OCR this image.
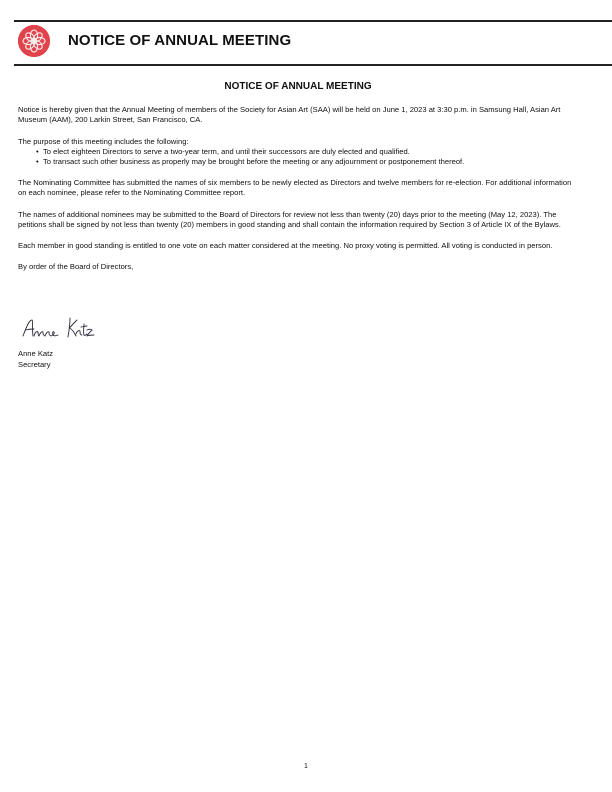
NOTICE OF ANNUAL MEETING
NOTICE OF ANNUAL MEETING

Notice is hereby given that the Annual Meeting of members of the Society for Asian Art (SAA) will be held on June 1, 2023 at 3:30 p.m. in Samsung Hall, Asian Art Museum (AAM), 200 Larkin Street, San Francisco, CA.

The purpose of this meeting includes the following:

• To elect eighteen Directors to serve a two-year term, and until their successors are duly elected and qualified.
• To transact such other business as properly may be brought before the meeting or any adjournment or postponement thereof.

The Nominating Committee has submitted the names of six members to be newly elected as Directors and twelve members for re-election. For additional information on each nominee, please refer to the Nominating Committee report.

The names of additional nominees may be submitted to the Board of Directors for review not less than twenty (20) days prior to the meeting (May 12, 2023). The petitions shall be signed by not less than twenty (20) members in good standing and shall contain the information required by Section 3 of Article IX of the Bylaws.

Each member in good standing is entitled to one vote on each matter considered at the meeting. No proxy voting is permitted. All voting is conducted in person.

By order of the Board of Directors,

Anne Katz
Secretary
1
